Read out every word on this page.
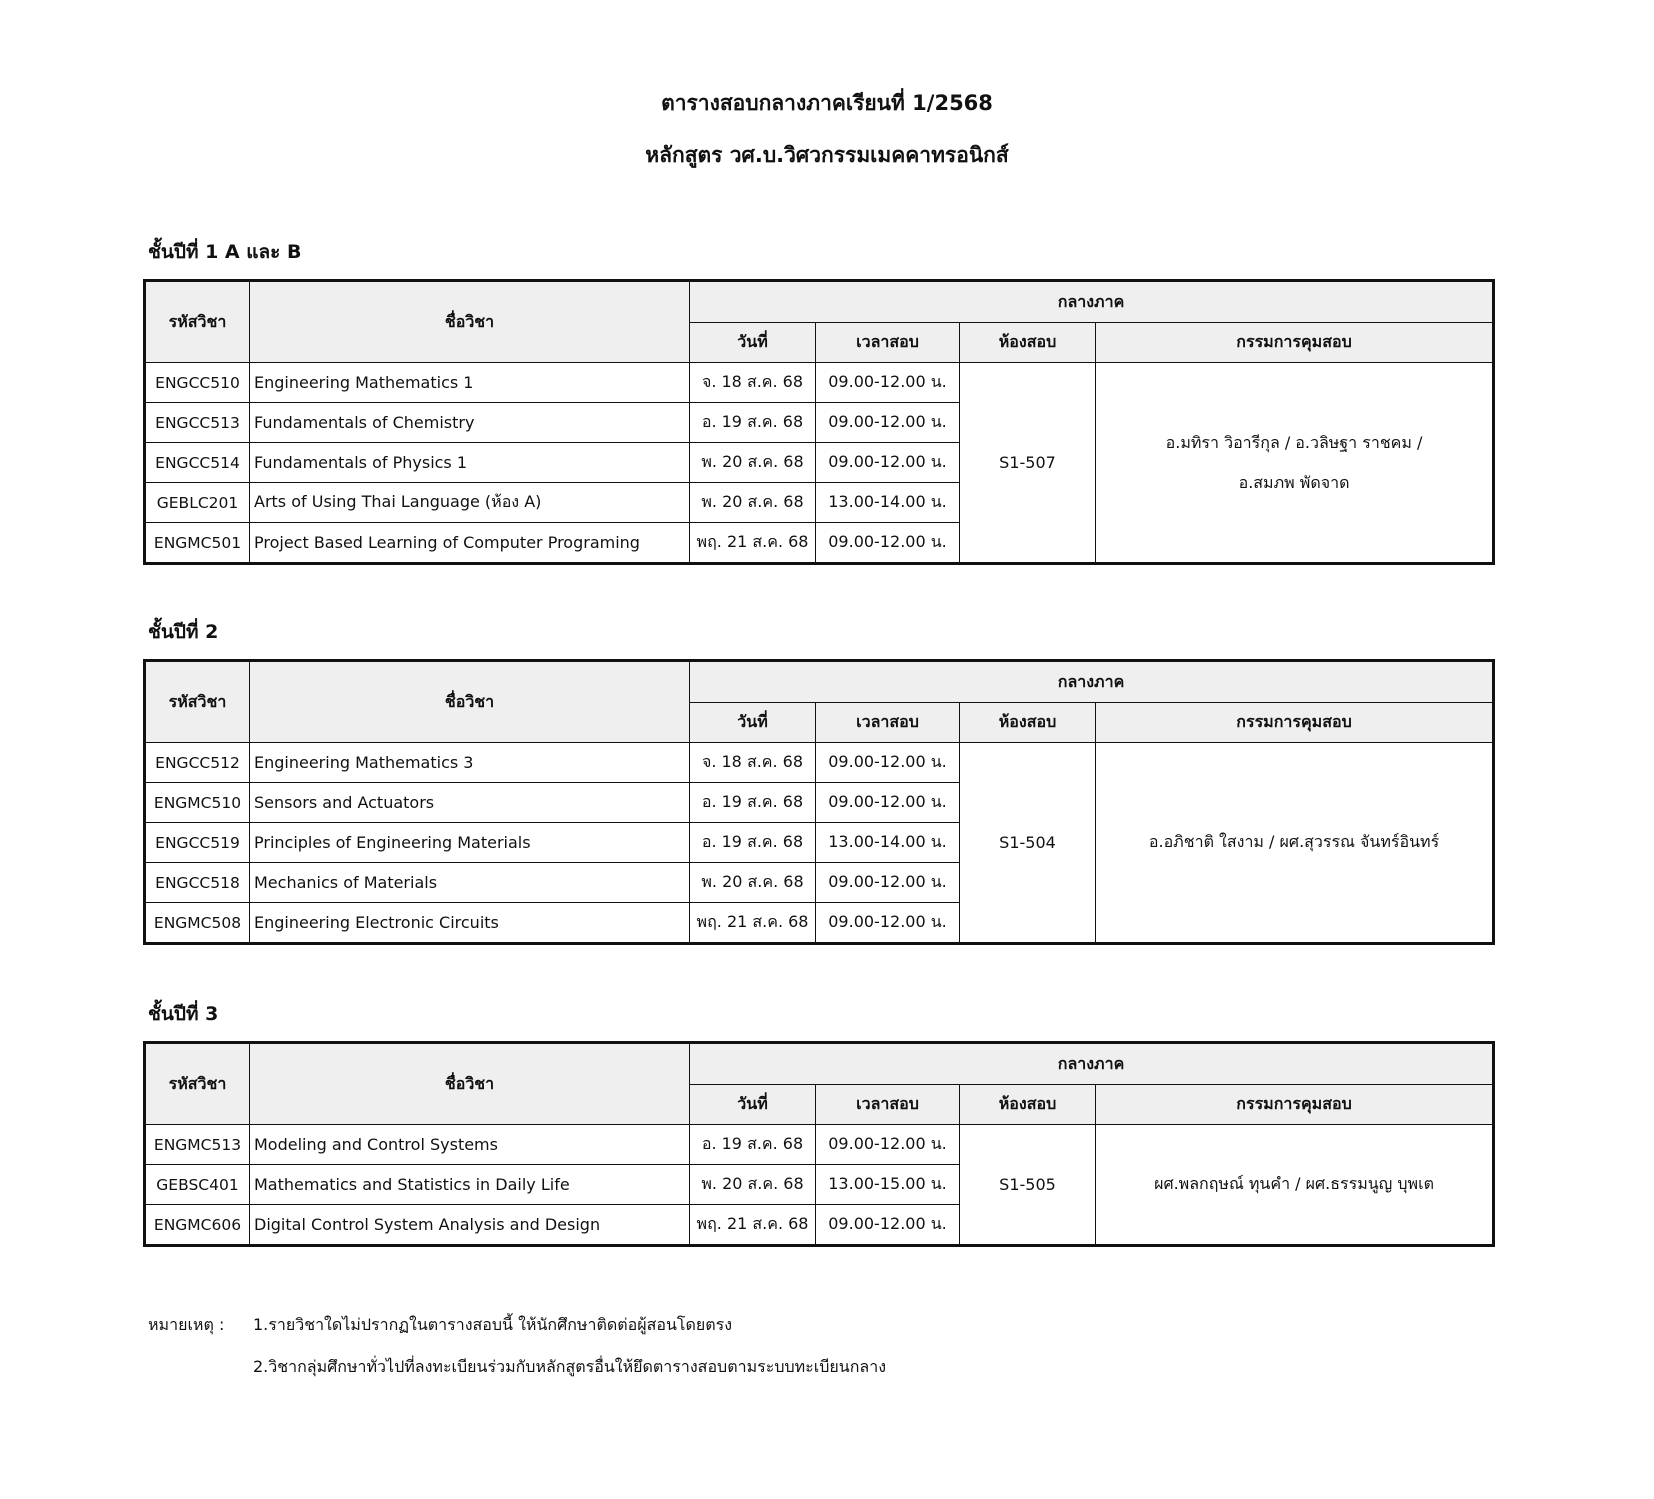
ตารางสอบกลางภาคเรียนที่ 1/2568
หลักสูตร วศ.บ.วิศวกรรมเมคคาทรอนิกส์
ชั้นปีที่ 1 A และ B
รหัสวิชา	ชื่อวิชา	กลางภาค			
		วันที่	เวลาสอบ	ห้องสอบ	กรรมการคุมสอบ
ENGCC510	Engineering Mathematics 1	จ. 18 ส.ค. 68	09.00-12.00 น.	S1-507	อ.มทิรา วิอารีกุล / อ.วลิษฐา ราชคม /
อ.สมภพ พัดจาด

ENGCC513	Fundamentals of Chemistry	อ. 19 ส.ค. 68	09.00-12.00 น.		
ENGCC514	Fundamentals of Physics 1	พ. 20 ส.ค. 68	09.00-12.00 น.		
GEBLC201	Arts of Using Thai Language (ห้อง A)	พ. 20 ส.ค. 68	13.00-14.00 น.		
ENGMC501	Project Based Learning of Computer Programing	พฤ. 21 ส.ค. 68	09.00-12.00 น.		
ชั้นปีที่ 2
รหัสวิชา	ชื่อวิชา	กลางภาค			
		วันที่	เวลาสอบ	ห้องสอบ	กรรมการคุมสอบ
ENGCC512	Engineering Mathematics 3	จ. 18 ส.ค. 68	09.00-12.00 น.	S1-504	อ.อภิชาติ ใสงาม / ผศ.สุวรรณ จันทร์อินทร์
ENGMC510	Sensors and Actuators	อ. 19 ส.ค. 68	09.00-12.00 น.		
ENGCC519	Principles of Engineering Materials	อ. 19 ส.ค. 68	13.00-14.00 น.		
ENGCC518	Mechanics of Materials	พ. 20 ส.ค. 68	09.00-12.00 น.		
ENGMC508	Engineering Electronic Circuits	พฤ. 21 ส.ค. 68	09.00-12.00 น.		
ชั้นปีที่ 3
รหัสวิชา	ชื่อวิชา	กลางภาค			
		วันที่	เวลาสอบ	ห้องสอบ	กรรมการคุมสอบ
ENGMC513	Modeling and Control Systems	อ. 19 ส.ค. 68	09.00-12.00 น.	S1-505	ผศ.พลกฤษณ์ ทุนคำ / ผศ.ธรรมนูญ บุพเต
GEBSC401	Mathematics and Statistics in Daily Life	พ. 20 ส.ค. 68	13.00-15.00 น.		
ENGMC606	Digital Control System Analysis and Design	พฤ. 21 ส.ค. 68	09.00-12.00 น.		
หมายเหตุ :	1.รายวิชาใดไม่ปรากฏในตารางสอบนี้ ให้นักศึกษาติดต่อผู้สอนโดยตรง
2.วิชากลุ่มศึกษาทั่วไปที่ลงทะเบียนร่วมกับหลักสูตรอื่นให้ยึดตารางสอบตามระบบทะเบียนกลาง
